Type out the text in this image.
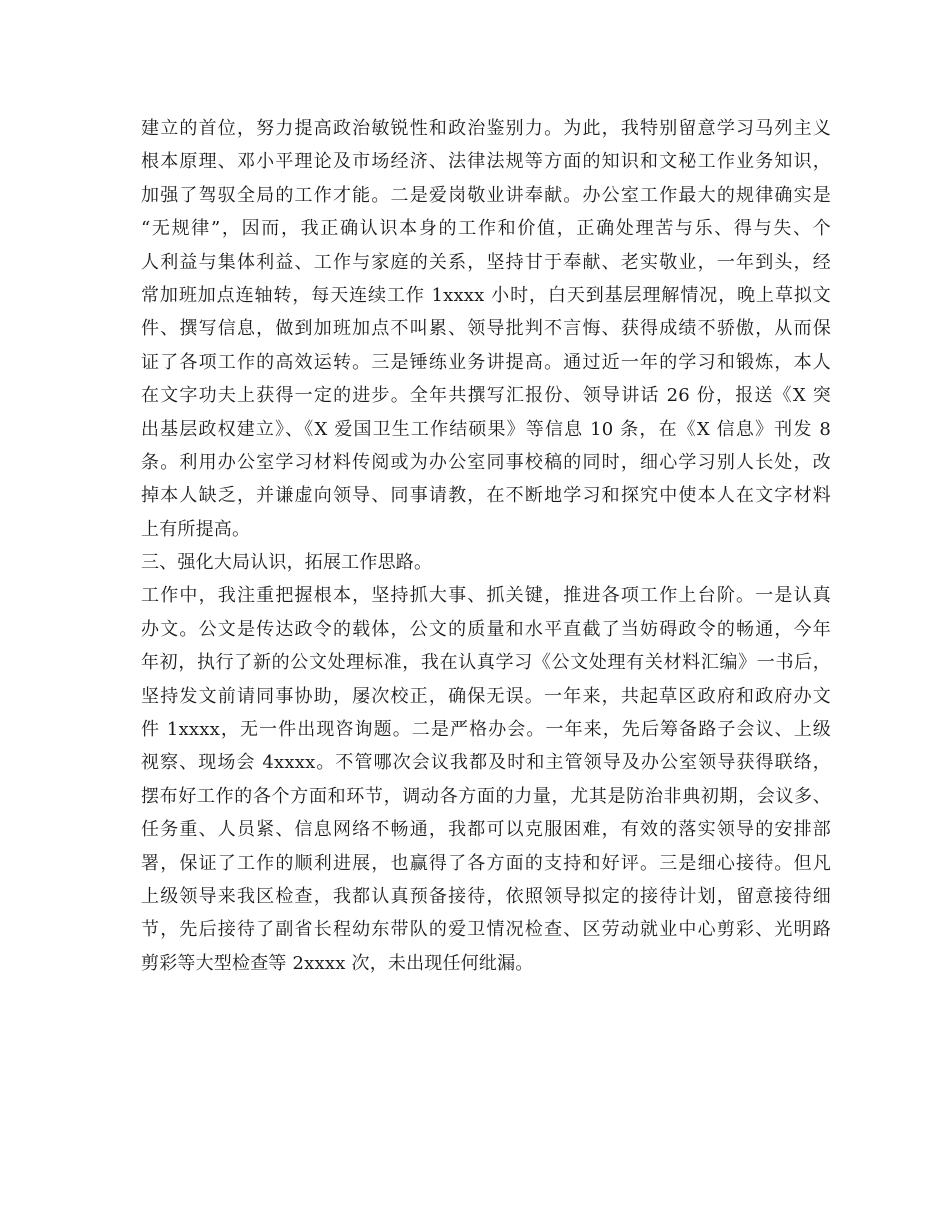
建立的首位，努力提高政治敏锐性和政治鉴别力。为此，我特别留意学习马列主义
根本原理、邓小平理论及市场经济、法律法规等方面的知识和文秘工作业务知识，
加强了驾驭全局的工作才能。二是爱岗敬业讲奉献。办公室工作最大的规律确实是
“无规律”，因而，我正确认识本身的工作和价值，正确处理苦与乐、得与失、个
人利益与集体利益、工作与家庭的关系，坚持甘于奉献、老实敬业，一年到头，经
常加班加点连轴转，每天连续工作 1xxxx 小时，白天到基层理解情况，晚上草拟文
件、撰写信息，做到加班加点不叫累、领导批判不言悔、获得成绩不骄傲，从而保
证了各项工作的高效运转。三是锤练业务讲提高。通过近一年的学习和锻炼，本人
在文字功夫上获得一定的进步。全年共撰写汇报份、领导讲话 26 份，报送《X 突
出基层政权建立》、《X 爱国卫生工作结硕果》等信息 10 条，在《X 信息》刊发 8
条。利用办公室学习材料传阅或为办公室同事校稿的同时，细心学习别人长处，改
掉本人缺乏，并谦虚向领导、同事请教，在不断地学习和探究中使本人在文字材料
上有所提高。
三、强化大局认识，拓展工作思路。
工作中，我注重把握根本，坚持抓大事、抓关键，推进各项工作上台阶。一是认真
办文。公文是传达政令的载体，公文的质量和水平直截了当妨碍政令的畅通，今年
年初，执行了新的公文处理标准，我在认真学习《公文处理有关材料汇编》一书后，
坚持发文前请同事协助，屡次校正，确保无误。一年来，共起草区政府和政府办文
件 1xxxx，无一件出现咨询题。二是严格办会。一年来，先后筹备路子会议、上级
视察、现场会 4xxxx。不管哪次会议我都及时和主管领导及办公室领导获得联络，
摆布好工作的各个方面和环节，调动各方面的力量，尤其是防治非典初期，会议多、
任务重、人员紧、信息网络不畅通，我都可以克服困难，有效的落实领导的安排部
署，保证了工作的顺利进展，也赢得了各方面的支持和好评。三是细心接待。但凡
上级领导来我区检查，我都认真预备接待，依照领导拟定的接待计划，留意接待细
节，先后接待了副省长程幼东带队的爱卫情况检查、区劳动就业中心剪彩、光明路
剪彩等大型检查等 2xxxx 次，未出现任何纰漏。
